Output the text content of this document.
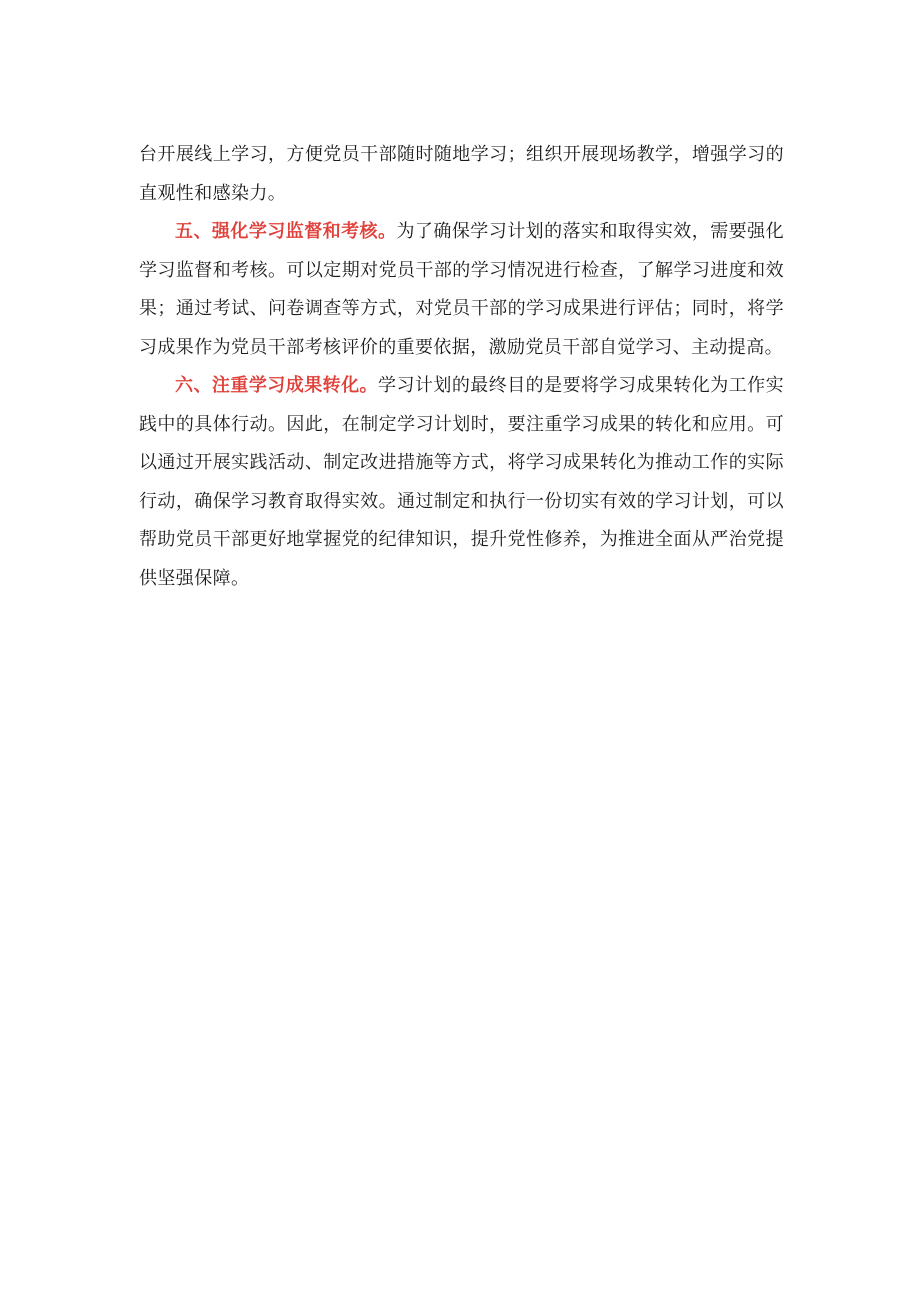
台开展线上学习，方便党员干部随时随地学习；组织开展现场教学，增强学习的直观性和感染力。

五、强化学习监督和考核。为了确保学习计划的落实和取得实效，需要强化学习监督和考核。可以定期对党员干部的学习情况进行检查，了解学习进度和效果；通过考试、问卷调查等方式，对党员干部的学习成果进行评估；同时，将学习成果作为党员干部考核评价的重要依据，激励党员干部自觉学习、主动提高。

六、注重学习成果转化。学习计划的最终目的是要将学习成果转化为工作实践中的具体行动。因此，在制定学习计划时，要注重学习成果的转化和应用。可以通过开展实践活动、制定改进措施等方式，将学习成果转化为推动工作的实际行动，确保学习教育取得实效。通过制定和执行一份切实有效的学习计划，可以帮助党员干部更好地掌握党的纪律知识，提升党性修养，为推进全面从严治党提供坚强保障。
